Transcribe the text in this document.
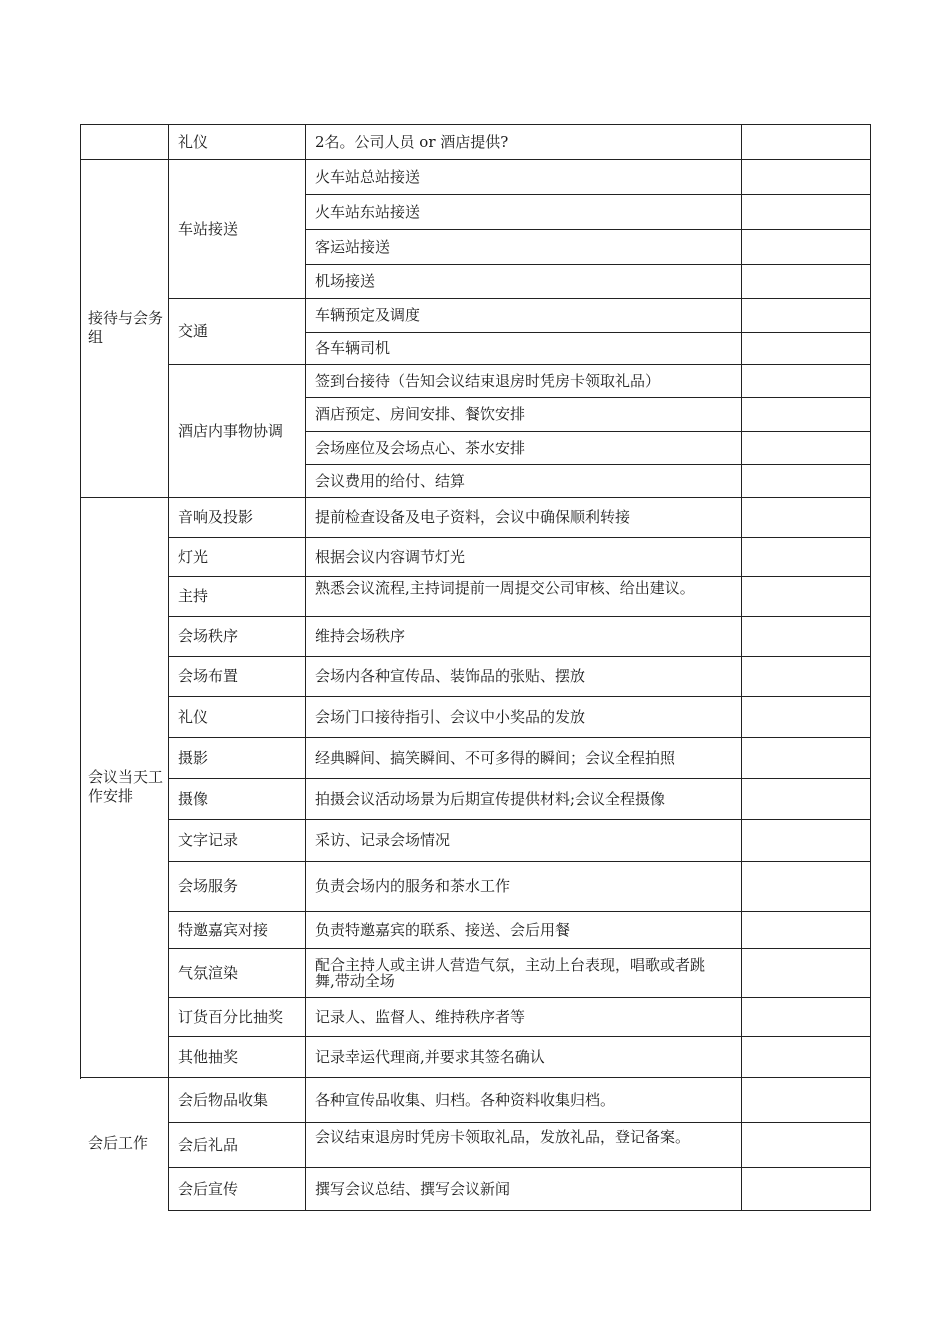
2名。公司人员 or 酒店提供?
礼仪
火车站总站接送
火车站东站接送
客运站接送
机场接送
车站接送
车辆预定及调度
各车辆司机
交通
签到台接待（告知会议结束退房时凭房卡领取礼品）
酒店预定、房间安排、餐饮安排
会场座位及会场点心、茶水安排
会议费用的给付、结算
酒店内事物协调
接待与会务组
提前检查设备及电子资料，会议中确保顺利转接
音响及投影
根据会议内容调节灯光
灯光
熟悉会议流程,主持词提前一周提交公司审核、给出建议。
主持
维持会场秩序
会场秩序
会场内各种宣传品、装饰品的张贴、摆放
会场布置
会场门口接待指引、会议中小奖品的发放
礼仪
经典瞬间、搞笑瞬间、不可多得的瞬间；会议全程拍照
摄影
拍摄会议活动场景为后期宣传提供材料;会议全程摄像
摄像
采访、记录会场情况
文字记录
负责会场内的服务和茶水工作
会场服务
负责特邀嘉宾的联系、接送、会后用餐
特邀嘉宾对接
配合主持人或主讲人营造气氛，主动上台表现，唱歌或者跳舞,带动全场
气氛渲染
记录人、监督人、维持秩序者等
订货百分比抽奖
记录幸运代理商,并要求其签名确认
其他抽奖
会议当天工作安排
各种宣传品收集、归档。各种资料收集归档。
会后物品收集
会议结束退房时凭房卡领取礼品，发放礼品，登记备案。
会后礼品
撰写会议总结、撰写会议新闻
会后宣传
会后工作
